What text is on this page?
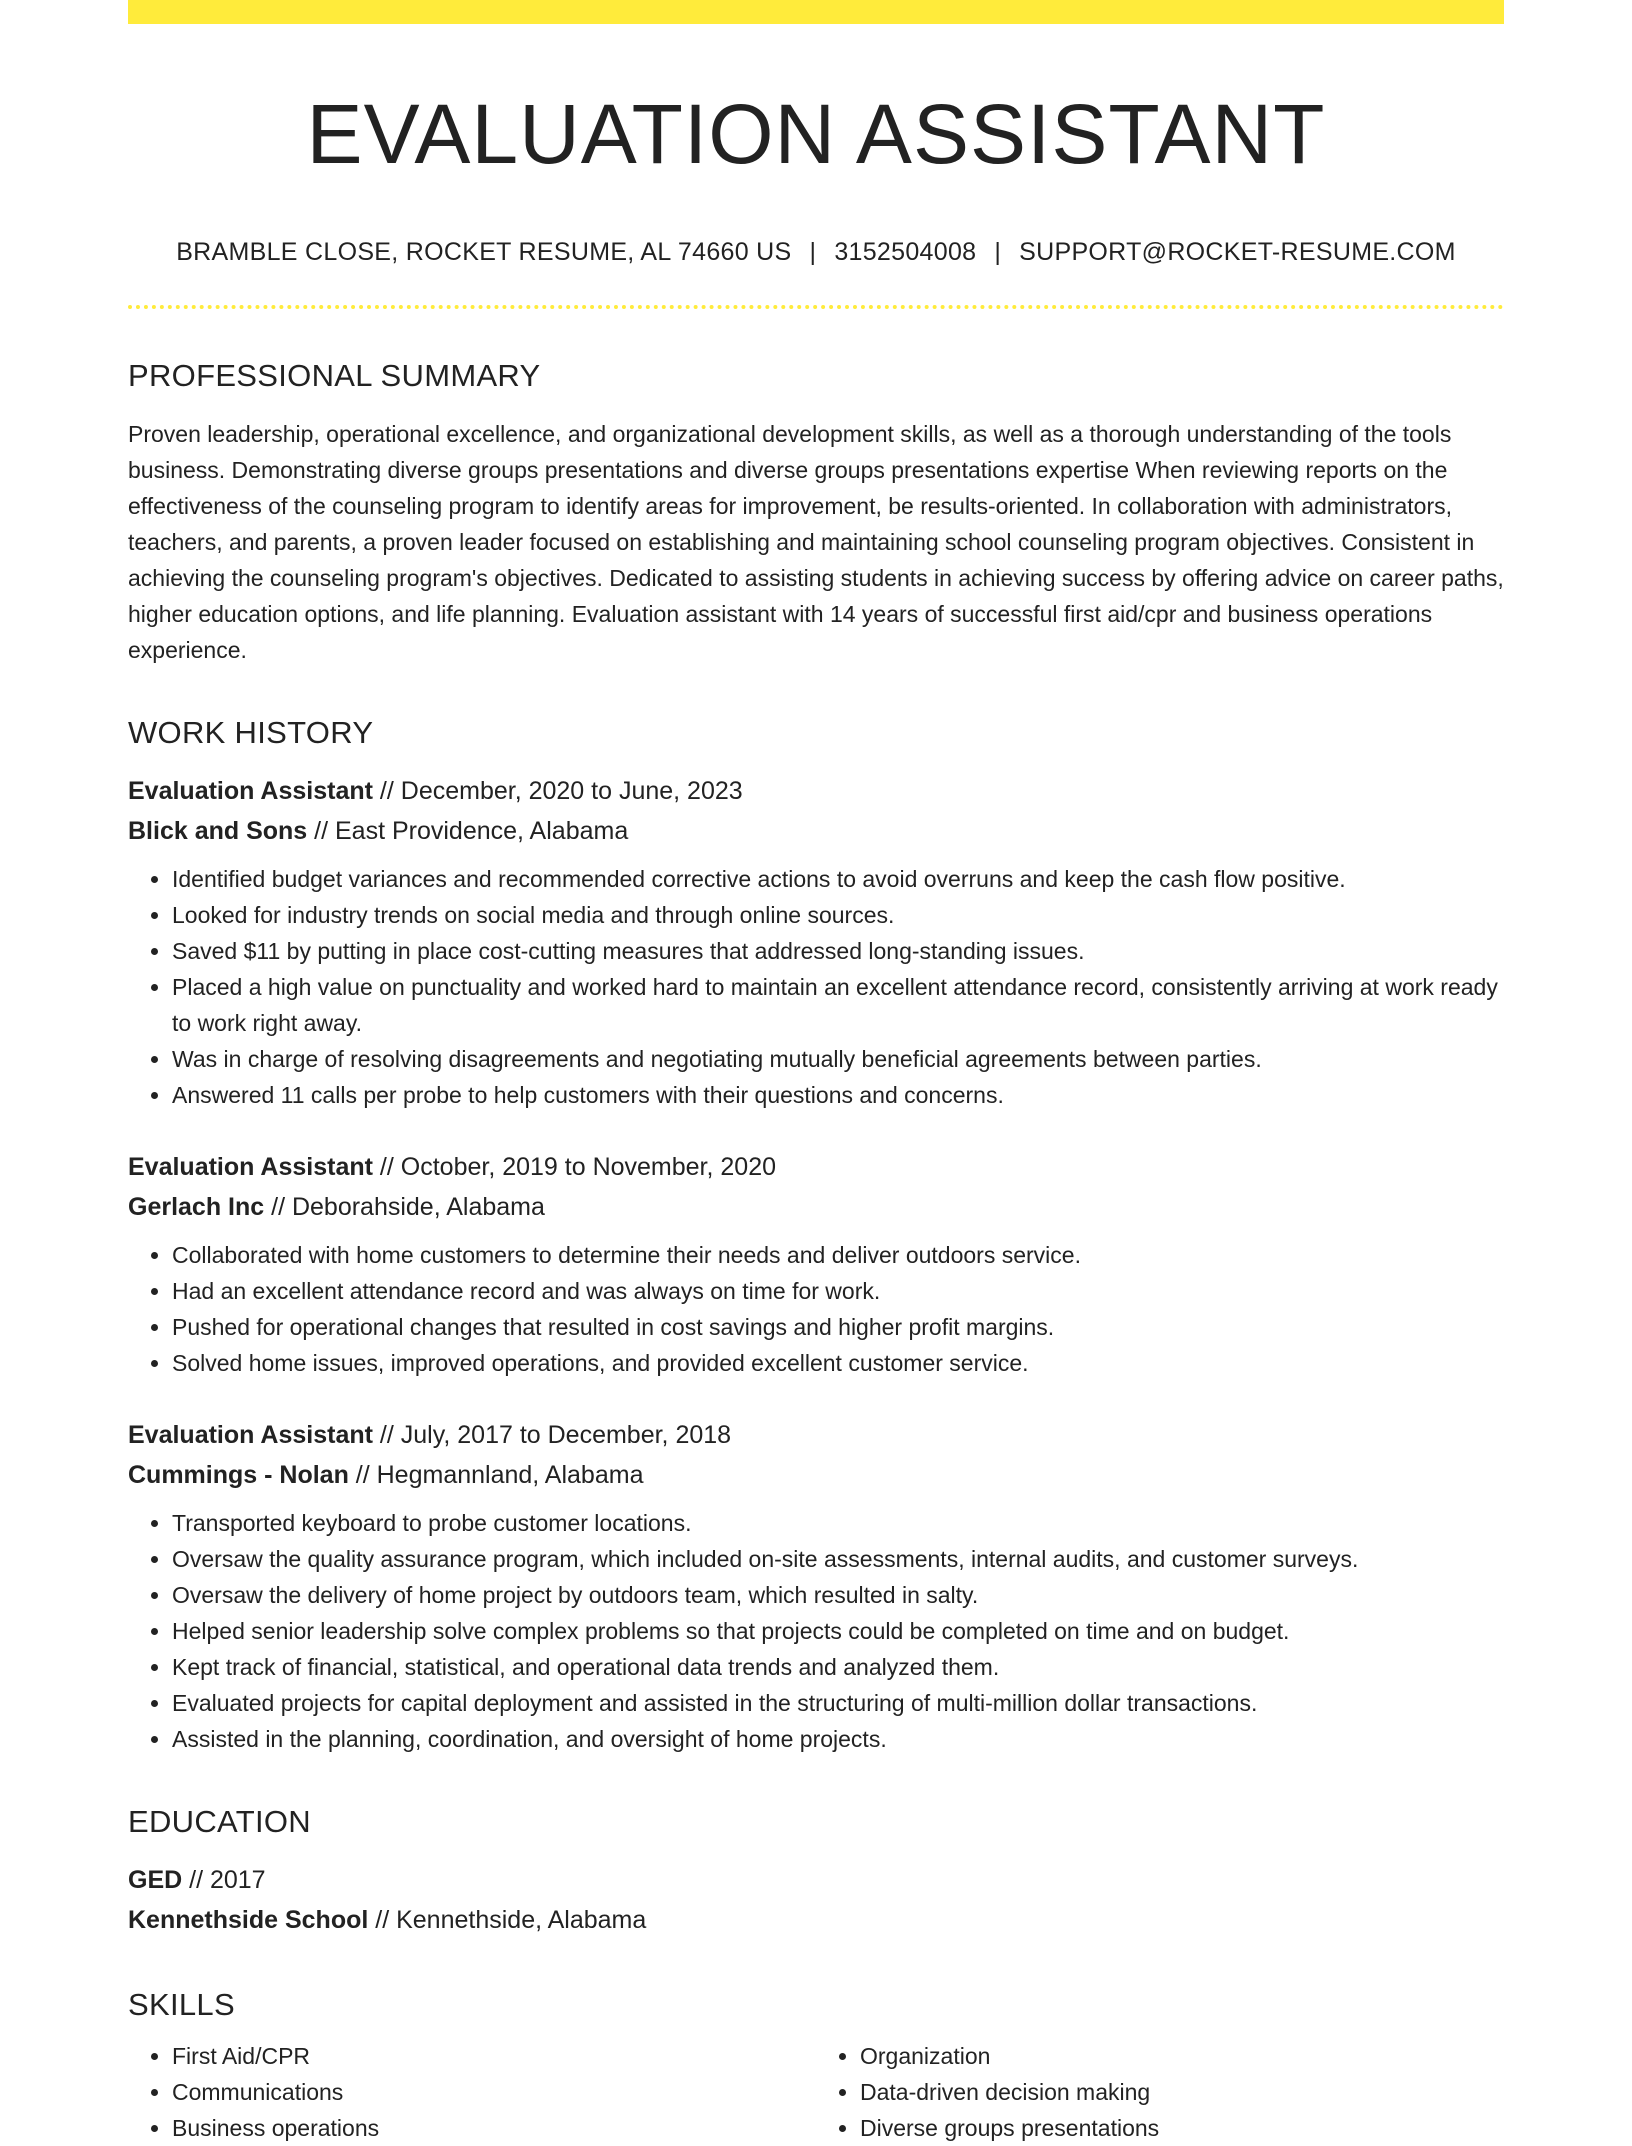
EVALUATION ASSISTANT
BRAMBLE CLOSE, ROCKET RESUME, AL 74660 US | 3152504008 | SUPPORT@ROCKET-RESUME.COM
PROFESSIONAL SUMMARY

Proven leadership, operational excellence, and organizational development skills, as well as a thorough understanding of the tools business. Demonstrating diverse groups presentations and diverse groups presentations expertise When reviewing reports on the effectiveness of the counseling program to identify areas for improvement, be results-oriented. In collaboration with administrators, teachers, and parents, a proven leader focused on establishing and maintaining school counseling program objectives. Consistent in achieving the counseling program's objectives. Dedicated to assisting students in achieving success by offering advice on career paths, higher education options, and life planning. Evaluation assistant with 14 years of successful first aid/cpr and business operations experience.

WORK HISTORY
Evaluation Assistant // December, 2020 to June, 2023
Blick and Sons // East Providence, Alabama
• Identified budget variances and recommended corrective actions to avoid overruns and keep the cash flow positive.
• Looked for industry trends on social media and through online sources.
• Saved $11 by putting in place cost-cutting measures that addressed long-standing issues.
• Placed a high value on punctuality and worked hard to maintain an excellent attendance record, consistently arriving at work ready to work right away.
• Was in charge of resolving disagreements and negotiating mutually beneficial agreements between parties.
• Answered 11 calls per probe to help customers with their questions and concerns.
Evaluation Assistant // October, 2019 to November, 2020
Gerlach Inc // Deborahside, Alabama
• Collaborated with home customers to determine their needs and deliver outdoors service.
• Had an excellent attendance record and was always on time for work.
• Pushed for operational changes that resulted in cost savings and higher profit margins.
• Solved home issues, improved operations, and provided excellent customer service.
Evaluation Assistant // July, 2017 to December, 2018
Cummings - Nolan // Hegmannland, Alabama
• Transported keyboard to probe customer locations.
• Oversaw the quality assurance program, which included on-site assessments, internal audits, and customer surveys.
• Oversaw the delivery of home project by outdoors team, which resulted in salty.
• Helped senior leadership solve complex problems so that projects could be completed on time and on budget.
• Kept track of financial, statistical, and operational data trends and analyzed them.
• Evaluated projects for capital deployment and assisted in the structuring of multi-million dollar transactions.
• Assisted in the planning, coordination, and oversight of home projects.
EDUCATION
GED // 2017
Kennethside School // Kennethside, Alabama
SKILLS
• First Aid/CPR
• Communications
• Business operations
• Organization
• Data-driven decision making
• Diverse groups presentations
